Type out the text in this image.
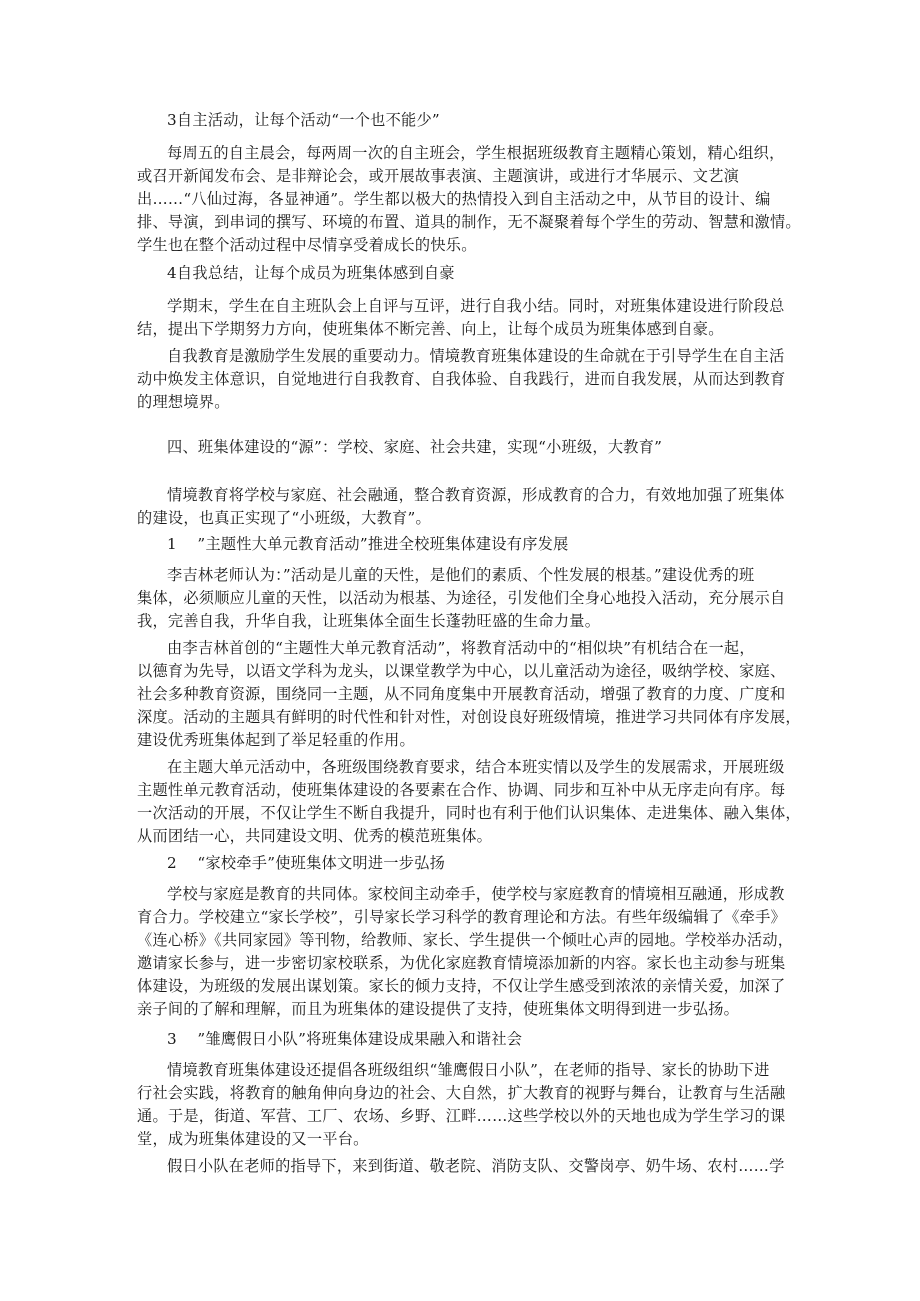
3自主活动，让每个活动“一个也不能少”
每周五的自主晨会，每两周一次的自主班会，学生根据班级教育主题精心策划，精心组织，
或召开新闻发布会、是非辩论会，或开展故事表演、主题演讲，或进行才华展示、文艺演
出……“八仙过海，各显神通”。学生都以极大的热情投入到自主活动之中，从节目的设计、编
排、导演，到串词的撰写、环境的布置、道具的制作，无不凝聚着每个学生的劳动、智慧和激情。
学生也在整个活动过程中尽情享受着成长的快乐。
4自我总结，让每个成员为班集体感到自豪
学期末，学生在自主班队会上自评与互评，进行自我小结。同时，对班集体建设进行阶段总
结，提出下学期努力方向，使班集体不断完善、向上，让每个成员为班集体感到自豪。
自我教育是激励学生发展的重要动力。情境教育班集体建设的生命就在于引导学生在自主活
动中焕发主体意识，自觉地进行自我教育、自我体验、自我践行，进而自我发展，从而达到教育
的理想境界。
四、班集体建设的“源”：学校、家庭、社会共建，实现“小班级，大教育”
情境教育将学校与家庭、社会融通，整合教育资源，形成教育的合力，有效地加强了班集体
的建设，也真正实现了“小班级，大教育”。
1　 ”主题性大单元教育活动”推进全校班集体建设有序发展
李吉林老师认为：”活动是儿童的天性，是他们的素质、个性发展的根基。”建设优秀的班
集体，必须顺应儿童的天性，以活动为根基、为途径，引发他们全身心地投入活动，充分展示自
我，完善自我，升华自我，让班集体全面生长蓬勃旺盛的生命力量。
由李吉林首创的“主题性大单元教育活动”，将教育活动中的“相似块”有机结合在一起，
以德育为先导，以语文学科为龙头，以课堂教学为中心，以儿童活动为途径，吸纳学校、家庭、
社会多种教育资源，围绕同一主题，从不同角度集中开展教育活动，增强了教育的力度、广度和
深度。活动的主题具有鲜明的时代性和针对性，对创设良好班级情境，推进学习共同体有序发展，
建设优秀班集体起到了举足轻重的作用。
在主题大单元活动中，各班级围绕教育要求，结合本班实情以及学生的发展需求，开展班级
主题性单元教育活动，使班集体建设的各要素在合作、协调、同步和互补中从无序走向有序。每
一次活动的开展，不仅让学生不断自我提升，同时也有利于他们认识集体、走进集体、融入集体，
从而团结一心，共同建设文明、优秀的模范班集体。
2　 “家校牵手”使班集体文明进一步弘扬
学校与家庭是教育的共同体。家校间主动牵手，使学校与家庭教育的情境相互融通，形成教
育合力。学校建立“家长学校”，引导家长学习科学的教育理论和方法。有些年级编辑了《牵手》
《连心桥》《共同家园》等刊物，给教师、家长、学生提供一个倾吐心声的园地。学校举办活动，
邀请家长参与，进一步密切家校联系，为优化家庭教育情境添加新的内容。家长也主动参与班集
体建设，为班级的发展出谋划策。家长的倾力支持，不仅让学生感受到浓浓的亲情关爱，加深了
亲子间的了解和理解，而且为班集体的建设提供了支持，使班集体文明得到进一步弘扬。
3　 ”雏鹰假日小队”将班集体建设成果融入和谐社会
情境教育班集体建设还提倡各班级组织“雏鹰假日小队”，在老师的指导、家长的协助下进
行社会实践，将教育的触角伸向身边的社会、大自然，扩大教育的视野与舞台，让教育与生活融
通。于是，街道、军营、工厂、农场、乡野、江畔……这些学校以外的天地也成为学生学习的课
堂，成为班集体建设的又一平台。
假日小队在老师的指导下，来到街道、敬老院、消防支队、交警岗亭、奶牛场、农村……学
